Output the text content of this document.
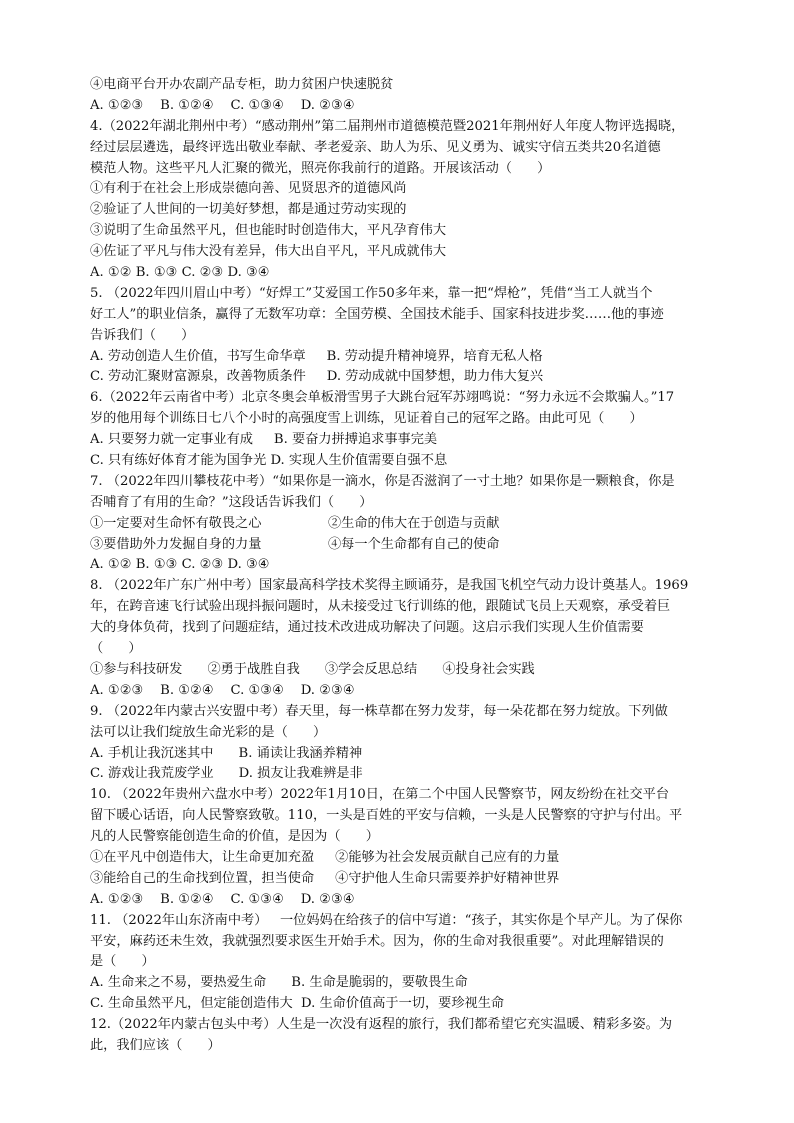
④电商平台开办农副产品专柜，助力贫困户快速脱贫
A. ①②③    B. ①②④    C. ①③④    D. ②③④
4.（2022年湖北荆州中考）“感动荆州”第二届荆州市道德模范暨2021年荆州好人年度人物评选揭晓，
经过层层遴选，最终评选出敬业奉献、孝老爱亲、助人为乐、见义勇为、诚实守信五类共20名道德
模范人物。这些平凡人汇聚的微光，照亮你我前行的道路。开展该活动（      ）
①有利于在社会上形成崇德向善、见贤思齐的道德风尚
②验证了人世间的一切美好梦想，都是通过劳动实现的
③说明了生命虽然平凡，但也能时时创造伟大，平凡孕育伟大
④佐证了平凡与伟大没有差异，伟大出自平凡，平凡成就伟大
A. ①② B. ①③ C. ②③ D. ③④
5. （2022年四川眉山中考）“好焊工”艾爱国工作50多年来，靠一把“焊枪”，凭借“当工人就当个
好工人”的职业信条，赢得了无数军功章：全国劳模、全国技术能手、国家科技进步奖……他的事迹
告诉我们（      ）
A. 劳动创造人生价值，书写生命华章     B. 劳动提升精神境界，培育无私人格
C. 劳动汇聚财富源泉，改善物质条件     D. 劳动成就中国梦想，助力伟大复兴
6.（2022年云南省中考）北京冬奥会单板滑雪男子大跳台冠军苏翊鸣说：“努力永远不会欺骗人。”17
岁的他用每个训练日七八个小时的高强度雪上训练，见证着自己的冠军之路。由此可见（      ）
A. 只要努力就一定事业有成     B. 要奋力拼搏追求事事完美
C. 只有练好体育才能为国争光 D. 实现人生价值需要自强不息
7. （2022年四川攀枝花中考）“如果你是一滴水，你是否滋润了一寸土地？如果你是一颗粮食，你是
否哺育了有用的生命？”这段话告诉我们（      ）
①一定要对生命怀有敬畏之心	②生命的伟大在于创造与贡献
③要借助外力发掘自身的力量	④每一个生命都有自己的使命
A. ①② B. ①③ C. ②③ D. ③④
8. （2022年广东广州中考）国家最高科学技术奖得主顾诵芬，是我国飞机空气动力设计奠基人。1969
年，在跨音速飞行试验出现抖振问题时，从未接受过飞行训练的他，跟随试飞员上天观察，承受着巨
大的身体负荷，找到了问题症结，通过技术改进成功解决了问题。这启示我们实现人生价值需要
（      ）
①参与科技研发      ②勇于战胜自我      ③学会反思总结      ④投身社会实践
A. ①②③    B. ①②④    C. ①③④    D. ②③④
9. （2022年内蒙古兴安盟中考）春天里，每一株草都在努力发芽，每一朵花都在努力绽放。下列做
法可以让我们绽放生命光彩的是（      ）
A. 手机让我沉迷其中      B. 诵读让我涵养精神
C. 游戏让我荒废学业      D. 损友让我难辨是非
10. （2022年贵州六盘水中考）2022年1月10日，在第二个中国人民警察节，网友纷纷在社交平台
留下暖心话语，向人民警察致敬。110，一头是百姓的平安与信赖，一头是人民警察的守护与付出。平
凡的人民警察能创造生命的价值，是因为（      ）
①在平凡中创造伟大，让生命更加充盈     ②能够为社会发展贡献自己应有的力量
③能给自己的生命找到位置，担当使命     ④守护他人生命只需要养护好精神世界
A. ①②③    B. ①②④    C. ①③④    D. ②③④
11. （2022年山东济南中考）   一位妈妈在给孩子的信中写道：“孩子，其实你是个早产儿。为了保你
平安，麻药还未生效，我就强烈要求医生开始手术。因为，你的生命对我很重要”。对此理解错误的
是（      ）
A. 生命来之不易，要热爱生命      B. 生命是脆弱的，要敬畏生命
C. 生命虽然平凡，但定能创造伟大  D. 生命价值高于一切，要珍视生命
12.（2022年内蒙古包头中考）人生是一次没有返程的旅行，我们都希望它充实温暖、精彩多姿。为
此，我们应该（      ）
